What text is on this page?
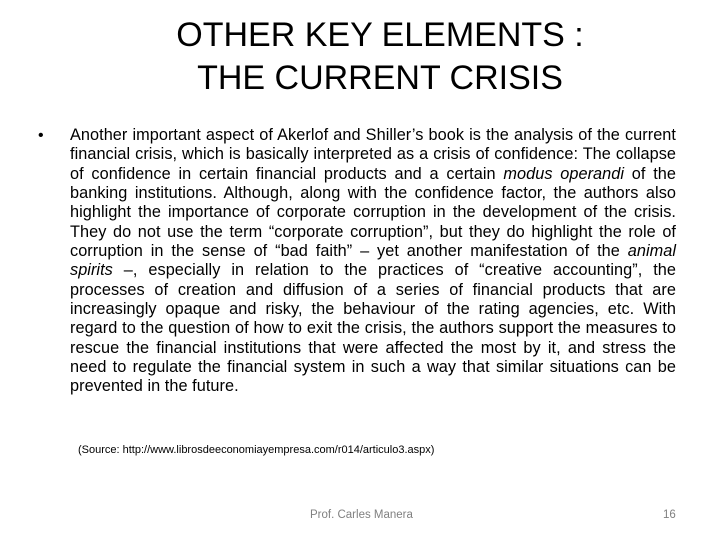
OTHER KEY ELEMENTS :
THE CURRENT CRISIS
• Another important aspect of Akerlof and Shiller’s book is the analysis of the current financial crisis, which is basically interpreted as a crisis of confidence: The collapse of confidence in certain financial products and a certain modus operandi of the banking institutions. Although, along with the confidence factor, the authors also highlight the importance of corporate corruption in the development of the crisis. They do not use the term “corporate corruption”, but they do highlight the role of corruption in the sense of “bad faith” – yet another manifestation of the animal spirits –, especially in relation to the practices of “creative accounting”, the processes of creation and diffusion of a series of financial products that are increasingly opaque and risky, the behaviour of the rating agencies, etc. With regard to the question of how to exit the crisis, the authors support the measures to rescue the financial institutions that were affected the most by it, and stress the need to regulate the financial system in such a way that similar situations can be prevented in the future.

(Source: http://www.librosdeeconomiayempresa.com/r014/articulo3.aspx)
Prof. Carles Manera	16
